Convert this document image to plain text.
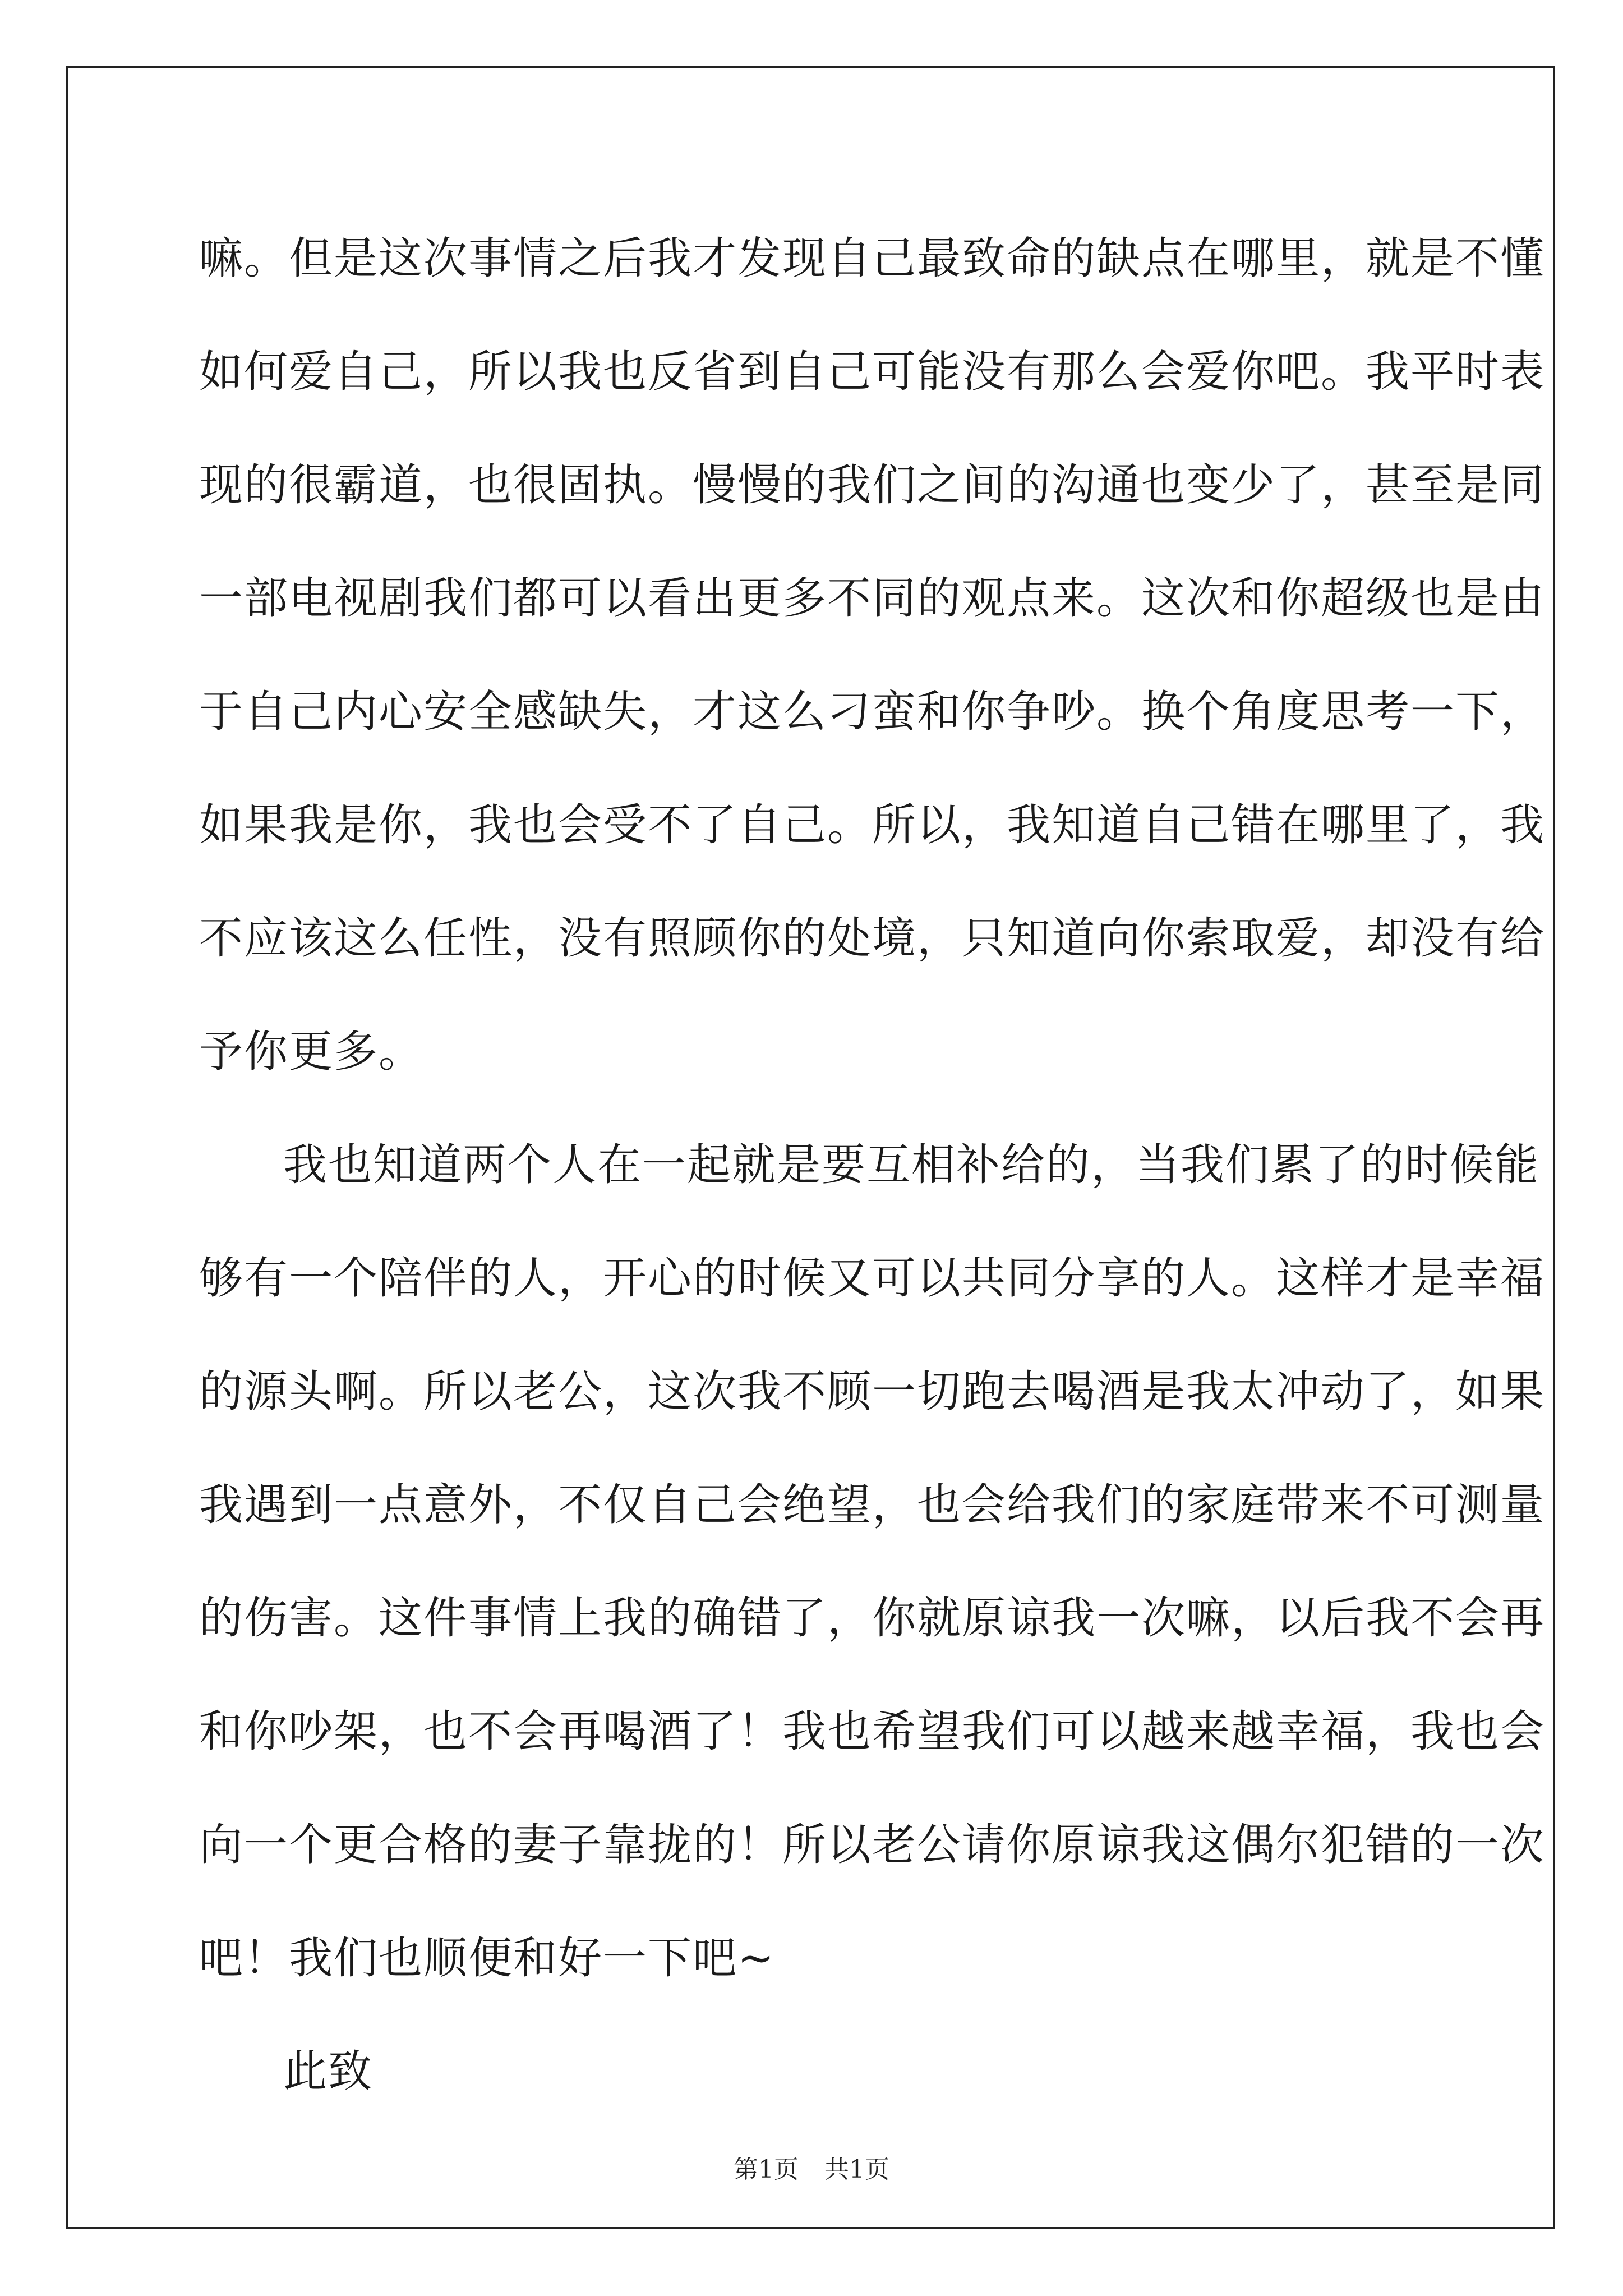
嘛。但是这次事情之后我才发现自己最致命的缺点在哪里，就是不懂
如何爱自己，所以我也反省到自己可能没有那么会爱你吧。我平时表
现的很霸道，也很固执。慢慢的我们之间的沟通也变少了，甚至是同
一部电视剧我们都可以看出更多不同的观点来。这次和你超级也是由
于自己内心安全感缺失，才这么刁蛮和你争吵。换个角度思考一下，
如果我是你，我也会受不了自己。所以，我知道自己错在哪里了，我
不应该这么任性，没有照顾你的处境，只知道向你索取爱，却没有给
予你更多。
我也知道两个人在一起就是要互相补给的，当我们累了的时候能
够有一个陪伴的人，开心的时候又可以共同分享的人。这样才是幸福
的源头啊。所以老公，这次我不顾一切跑去喝酒是我太冲动了，如果
我遇到一点意外，不仅自己会绝望，也会给我们的家庭带来不可测量
的伤害。这件事情上我的确错了，你就原谅我一次嘛，以后我不会再
和你吵架，也不会再喝酒了！我也希望我们可以越来越幸福，我也会
向一个更合格的妻子靠拢的！所以老公请你原谅我这偶尔犯错的一次
吧！我们也顺便和好一下吧~
此致
第1页 共1页
